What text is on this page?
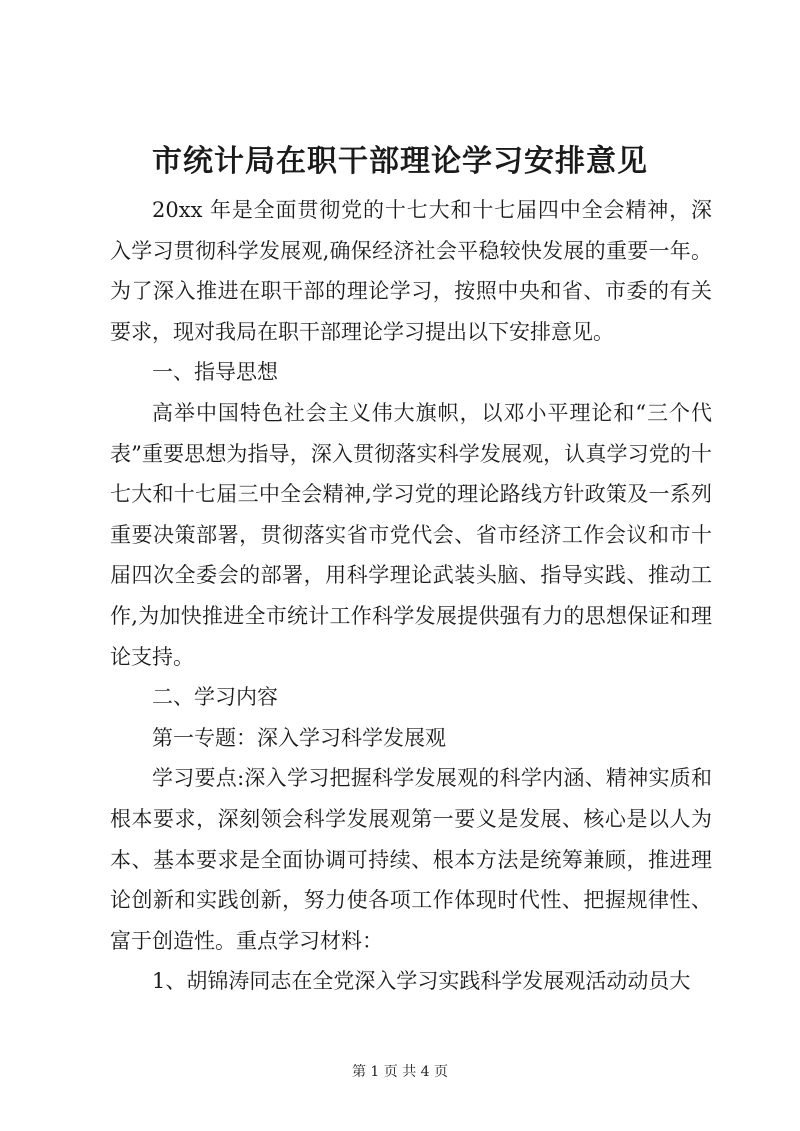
市统计局在职干部理论学习安排意见

20xx 年是全面贯彻党的十七大和十七届四中全会精神，深入学习贯彻科学发展观,确保经济社会平稳较快发展的重要一年。为了深入推进在职干部的理论学习，按照中央和省、市委的有关要求，现对我局在职干部理论学习提出以下安排意见。

一、指导思想

高举中国特色社会主义伟大旗帜，以邓小平理论和“三个代表”重要思想为指导，深入贯彻落实科学发展观，认真学习党的十七大和十七届三中全会精神,学习党的理论路线方针政策及一系列重要决策部署，贯彻落实省市党代会、省市经济工作会议和市十届四次全委会的部署，用科学理论武装头脑、指导实践、推动工作,为加快推进全市统计工作科学发展提供强有力的思想保证和理论支持。

二、学习内容

第一专题：深入学习科学发展观

学习要点:深入学习把握科学发展观的科学内涵、精神实质和根本要求，深刻领会科学发展观第一要义是发展、核心是以人为本、基本要求是全面协调可持续、根本方法是统筹兼顾，推进理论创新和实践创新，努力使各项工作体现时代性、把握规律性、富于创造性。重点学习材料：

1、胡锦涛同志在全党深入学习实践科学发展观活动动员大

第 1 页 共 4 页
